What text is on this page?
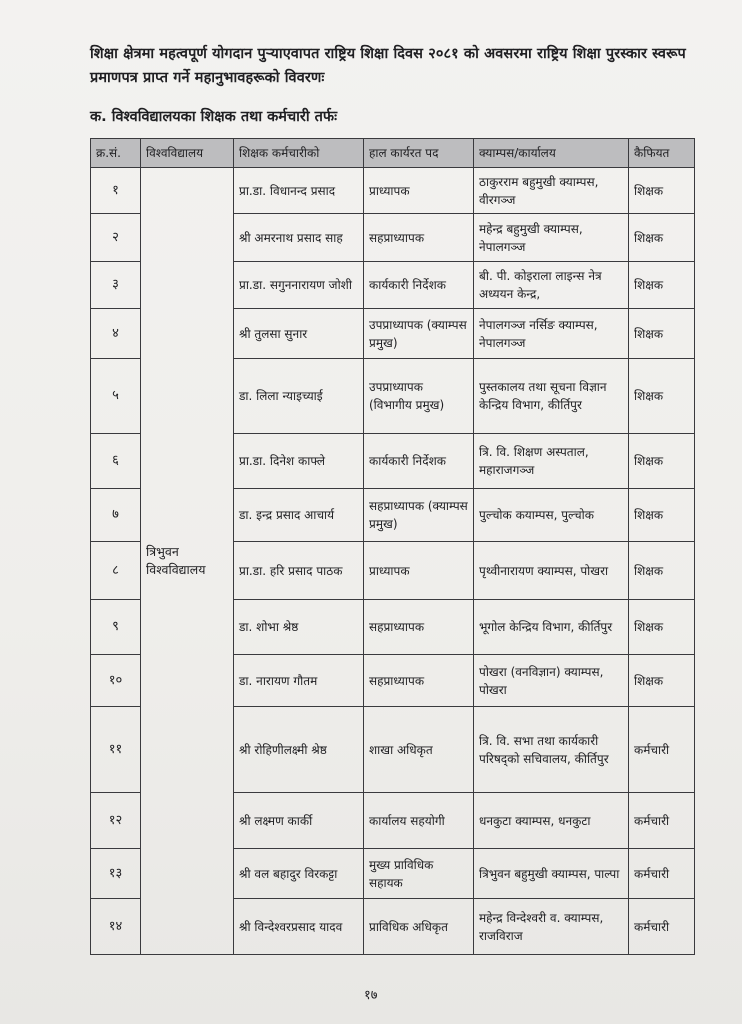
शिक्षा क्षेत्रमा महत्वपूर्ण योगदान पुऱ्याएवापत राष्ट्रिय शिक्षा दिवस २०८१ को अवसरमा राष्ट्रिय शिक्षा पुरस्कार स्वरूप प्रमाणपत्र प्राप्त गर्ने महानुभावहरूको विवरणः
क. विश्वविद्यालयका शिक्षक तथा कर्मचारी तर्फः
क्र.सं.	विश्वविद्यालय	शिक्षक कर्मचारीको	हाल कार्यरत पद	क्याम्पस/कार्यालय	कैफियत
१	त्रिभुवन विश्वविद्यालय	प्रा.डा. विधानन्द प्रसाद	प्राध्यापक	ठाकुरराम बहुमुखी क्याम्पस, वीरगञ्ज	शिक्षक
२		श्री अमरनाथ प्रसाद साह	सहप्राध्यापक	महेन्द्र बहुमुखी क्याम्पस, नेपालगञ्ज	शिक्षक
३		प्रा.डा. सगुननारायण जोशी	कार्यकारी निर्देशक	बी. पी. कोइराला लाइन्स नेत्र अध्ययन केन्द्र,	शिक्षक
४		श्री तुलसा सुनार	उपप्राध्यापक (क्याम्पस प्रमुख)	नेपालगञ्ज नर्सिङ क्याम्पस, नेपालगञ्ज	शिक्षक
५		डा. लिला न्याइच्याई	उपप्राध्यापक (विभागीय प्रमुख)	पुस्तकालय तथा सूचना विज्ञान केन्द्रिय विभाग, कीर्तिपुर	शिक्षक
६		प्रा.डा. दिनेश काफ्ले	कार्यकारी निर्देशक	त्रि. वि. शिक्षण अस्पताल, महाराजगञ्ज	शिक्षक
७		डा. इन्द्र प्रसाद आचार्य	सहप्राध्यापक (क्याम्पस प्रमुख)	पुल्चोक कयाम्पस, पुल्चोक	शिक्षक
८		प्रा.डा. हरि प्रसाद पाठक	प्राध्यापक	पृथ्वीनारायण क्याम्पस, पोखरा	शिक्षक
९		डा. शोभा श्रेष्ठ	सहप्राध्यापक	भूगोल केन्द्रिय विभाग, कीर्तिपुर	शिक्षक
१०		डा. नारायण गौतम	सहप्राध्यापक	पोखरा (वनविज्ञान) क्याम्पस, पोखरा	शिक्षक
११		श्री रोहिणीलक्ष्मी श्रेष्ठ	शाखा अधिकृत	त्रि. वि. सभा तथा कार्यकारी परिषद्को सचिवालय, कीर्तिपुर	कर्मचारी
१२		श्री लक्ष्मण कार्की	कार्यालय सहयोगी	धनकुटा क्याम्पस, धनकुटा	कर्मचारी
१३		श्री वल बहादुर विरकट्टा	मुख्य प्राविधिक सहायक	त्रिभुवन बहुमुखी क्याम्पस, पाल्पा	कर्मचारी
१४		श्री विन्देश्वरप्रसाद यादव	प्राविधिक अधिकृत	महेन्द्र विन्देश्वरी व. क्याम्पस, राजविराज	कर्मचारी
१७
